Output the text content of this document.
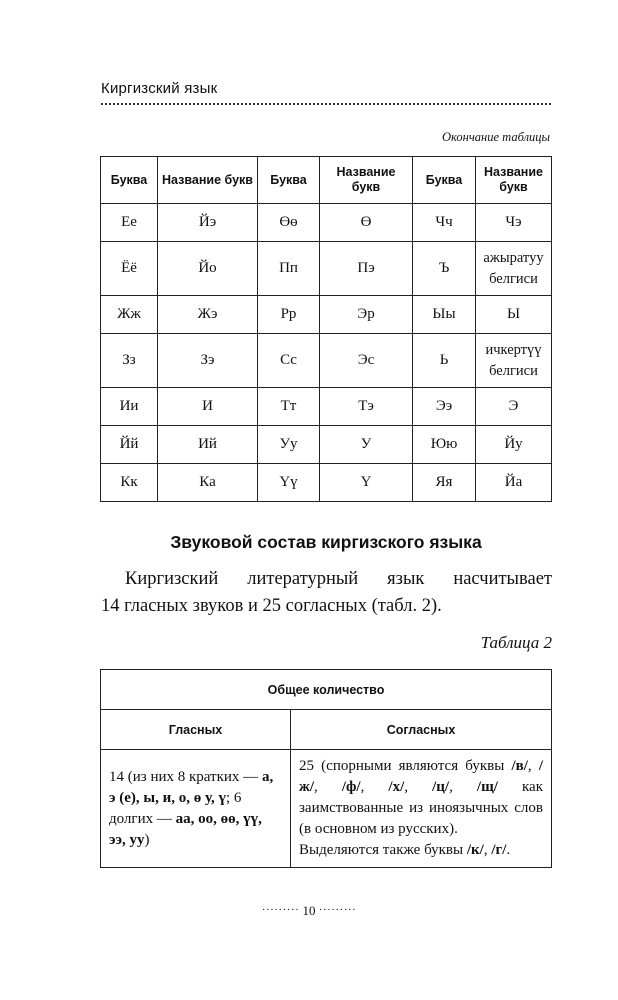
Киргизский язык
Окончание таблицы
Буква	Название букв	Буква	Название букв	Буква	Название букв
Ее	Йэ	Өө	Ө	Чч	Чэ
Ёё	Йо	Пп	Пэ	Ъ	ажыратуу белгиси
Жж	Жэ	Рр	Эр	Ыы	Ы
Зз	Зэ	Сс	Эс	Ь	ичкертүү белгиси
Ии	И	Тт	Тэ	Ээ	Э
Йй	Ий	Уу	У	Юю	Йу
Кк	Ка	Үү	Ү	Яя	Йа
Звуковой состав киргизского языка

Киргизский литературный язык насчитывает
14 гласных звуков и 25 согласных (табл. 2).

Таблица 2
Общее количество	
Гласных	Согласных
14 (из них 8 кратких — а, э (е), ы, и, о, ө у, ү; 6 долгих — аа, оо, өө, үү, ээ, уу)	25 (спорными являются буквы /в/, /ж/, /ф/, /х/, /ц/, /щ/ как заимствованные из иноязычных слов (в основном из русских).
Выделяются также буквы /к/, /г/.
········· 10 ·········
